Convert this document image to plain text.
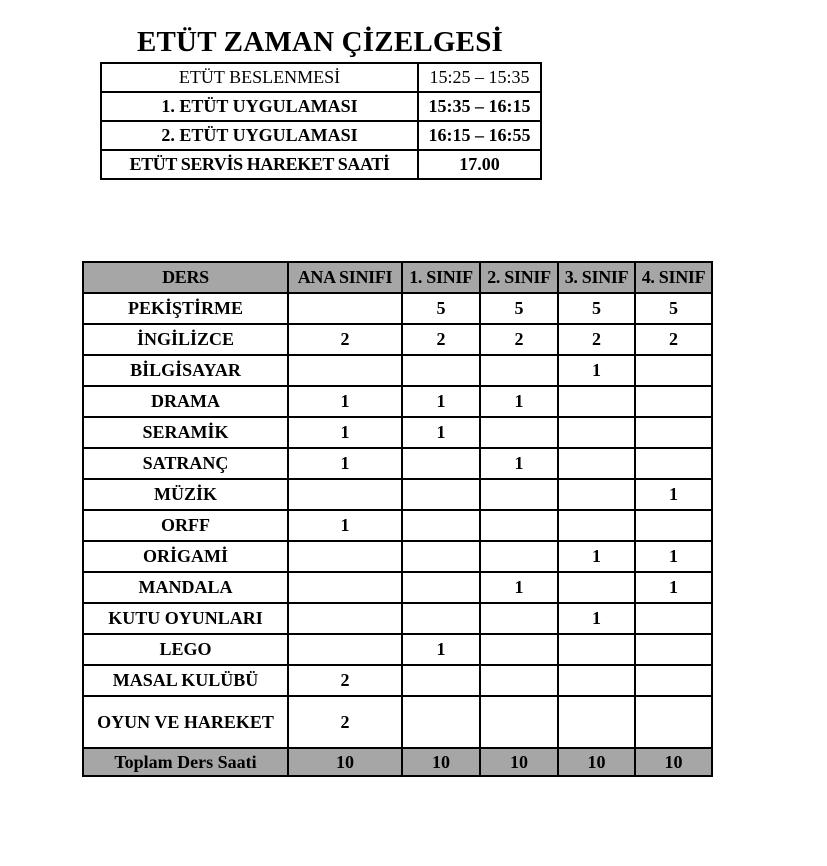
ETÜT ZAMAN ÇİZELGESİ
ETÜT BESLENMESİ	15:25 – 15:35
1. ETÜT UYGULAMASI	15:35 – 16:15
2. ETÜT UYGULAMASI	16:15 – 16:55
ETÜT SERVİS HAREKET SAATİ	17.00
DERS	ANA SINIFI	1. SINIF	2. SINIF	3. SINIF	4. SINIF
PEKİŞTİRME		5	5	5	5
İNGİLİZCE	2	2	2	2	2
BİLGİSAYAR				1	
DRAMA	1	1	1		
SERAMİK	1	1			
SATRANÇ	1		1		
MÜZİK					1
ORFF	1				
ORİGAMİ				1	1
MANDALA			1		1
KUTU OYUNLARI				1	
LEGO		1			
MASAL KULÜBÜ	2				
OYUN VE HAREKET	2				
Toplam Ders Saati	10	10	10	10	10
